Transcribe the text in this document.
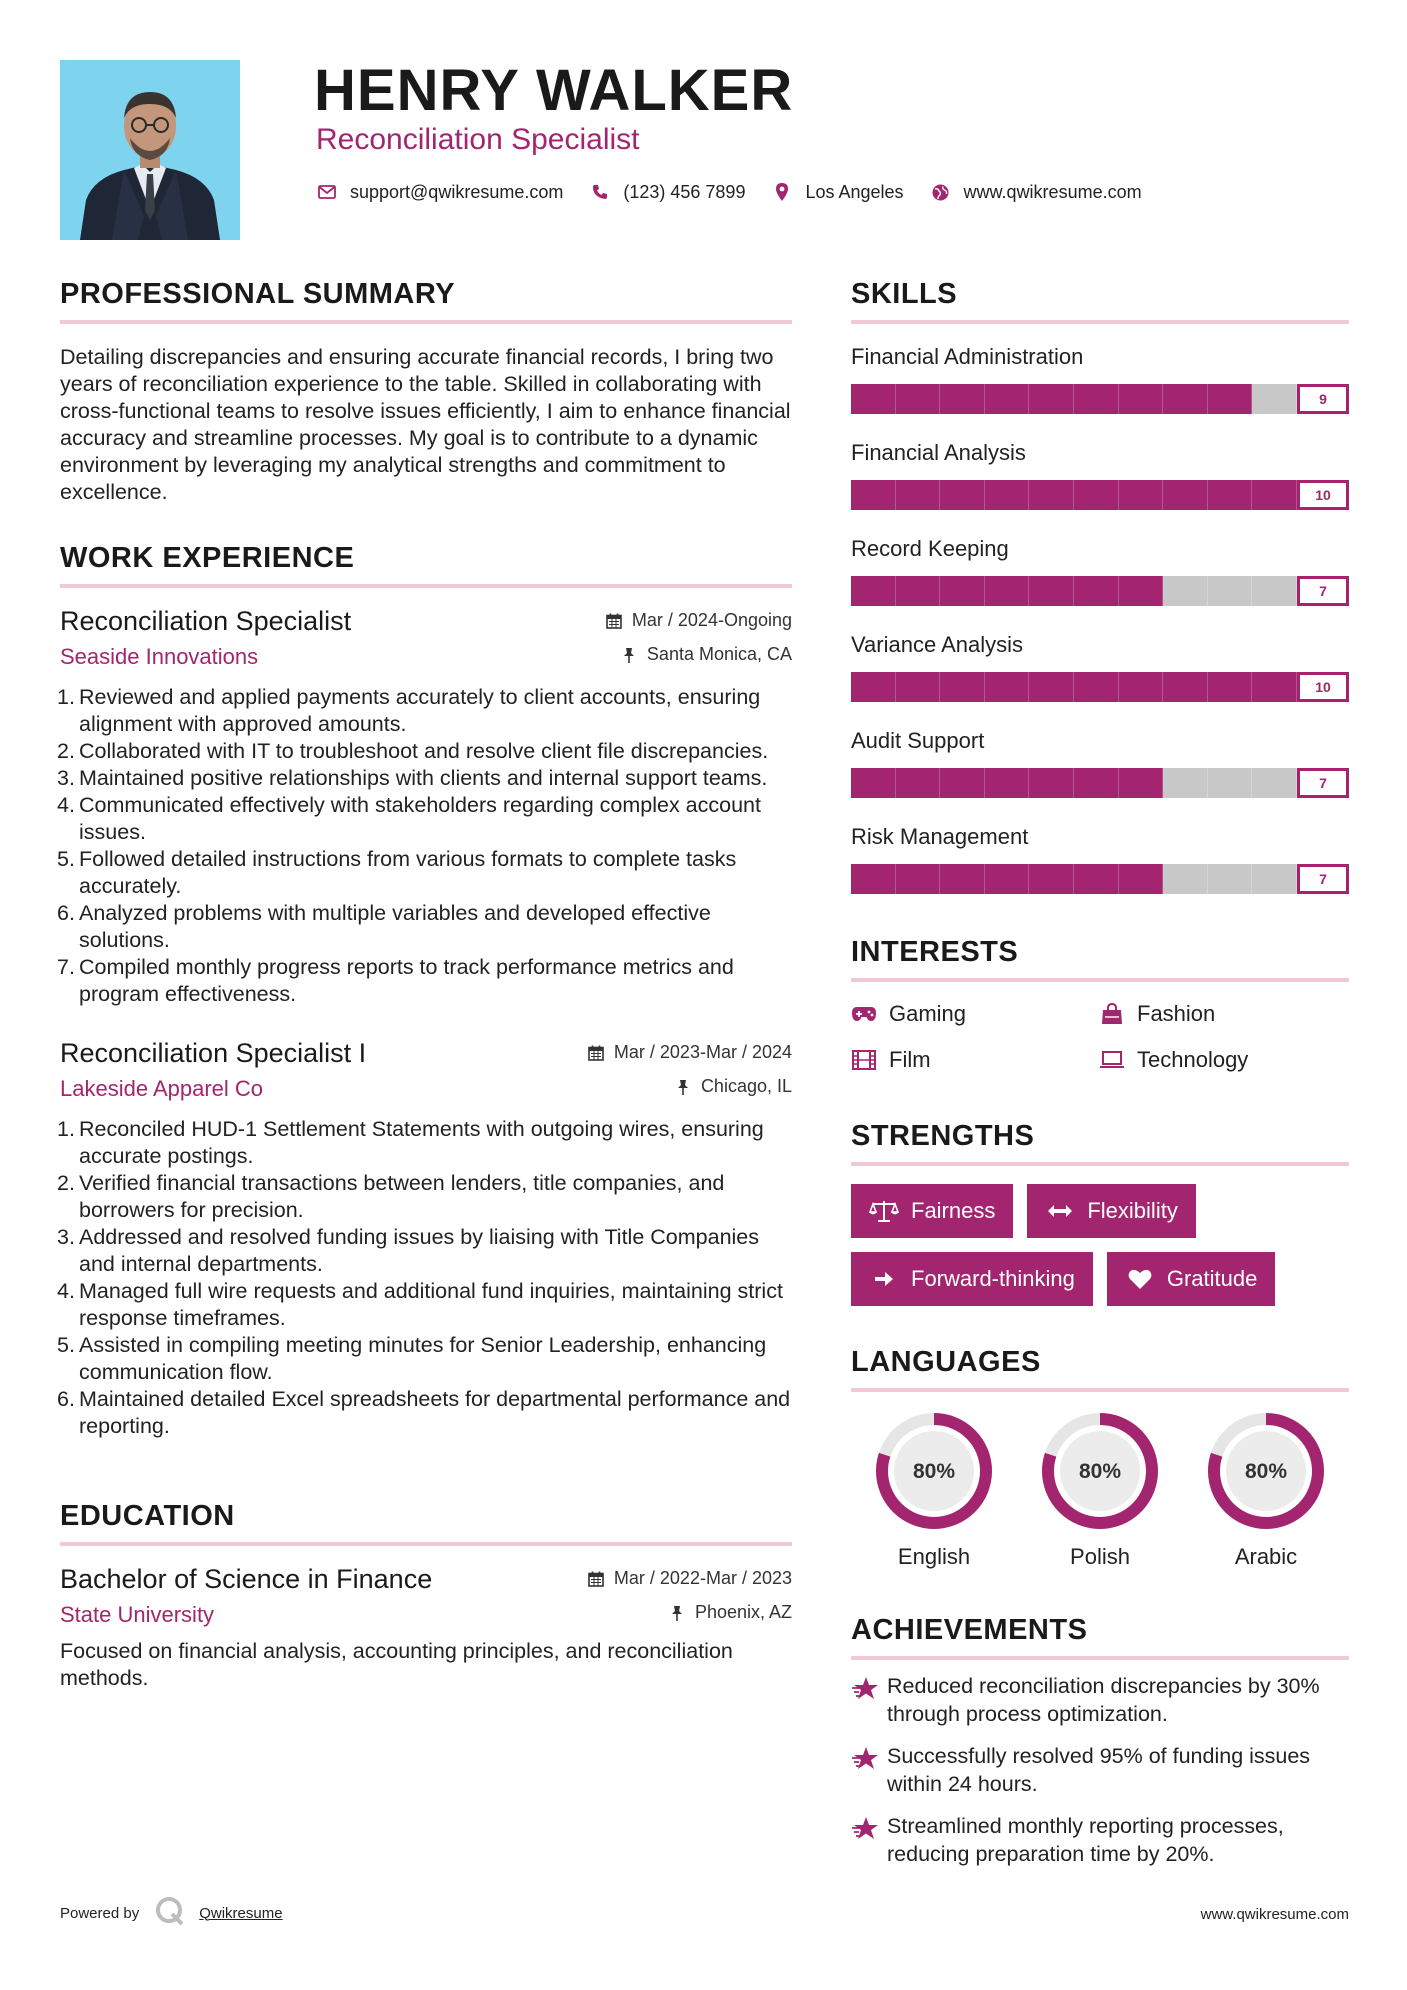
HENRY WALKER
Reconciliation Specialist
support@qwikresume.com	(123) 456 7899	Los Angeles	www.qwikresume.com
PROFESSIONAL SUMMARY

Detailing discrepancies and ensuring accurate financial records, I bring two years of reconciliation experience to the table. Skilled in collaborating with cross-functional teams to resolve issues efficiently, I aim to enhance financial accuracy and streamline processes. My goal is to contribute to a dynamic environment by leveraging my analytical strengths and commitment to excellence.

WORK EXPERIENCE
Reconciliation Specialist	Mar / 2024-Ongoing
Seaside Innovations	Santa Monica, CA
1. Reviewed and applied payments accurately to client accounts, ensuring alignment with approved amounts.
2. Collaborated with IT to troubleshoot and resolve client file discrepancies.
3. Maintained positive relationships with clients and internal support teams.
4. Communicated effectively with stakeholders regarding complex account issues.
5. Followed detailed instructions from various formats to complete tasks accurately.
6. Analyzed problems with multiple variables and developed effective solutions.
7. Compiled monthly progress reports to track performance metrics and program effectiveness.
Reconciliation Specialist I	Mar / 2023-Mar / 2024
Lakeside Apparel Co	Chicago, IL
1. Reconciled HUD-1 Settlement Statements with outgoing wires, ensuring accurate postings.
2. Verified financial transactions between lenders, title companies, and borrowers for precision.
3. Addressed and resolved funding issues by liaising with Title Companies and internal departments.
4. Managed full wire requests and additional fund inquiries, maintaining strict response timeframes.
5. Assisted in compiling meeting minutes for Senior Leadership, enhancing communication flow.
6. Maintained detailed Excel spreadsheets for departmental performance and reporting.
EDUCATION
Bachelor of Science in Finance	Mar / 2022-Mar / 2023
State University	Phoenix, AZ

Focused on financial analysis, accounting principles, and reconciliation methods.

SKILLS
Financial Administration
9
Financial Analysis
10
Record Keeping
7
Variance Analysis
10
Audit Support
7
Risk Management
7
INTERESTS
Gaming	Fashion
Film	Technology
STRENGTHS
Fairness	Flexibility
Forward-thinking	Gratitude
LANGUAGES
80%
English
80%
Polish
80%
Arabic
ACHIEVEMENTS
Reduced reconciliation discrepancies by 30% through process optimization.
Successfully resolved 95% of funding issues within 24 hours.
Streamlined monthly reporting processes, reducing preparation time by 20%.
Powered by	Qwikresume	www.qwikresume.com
